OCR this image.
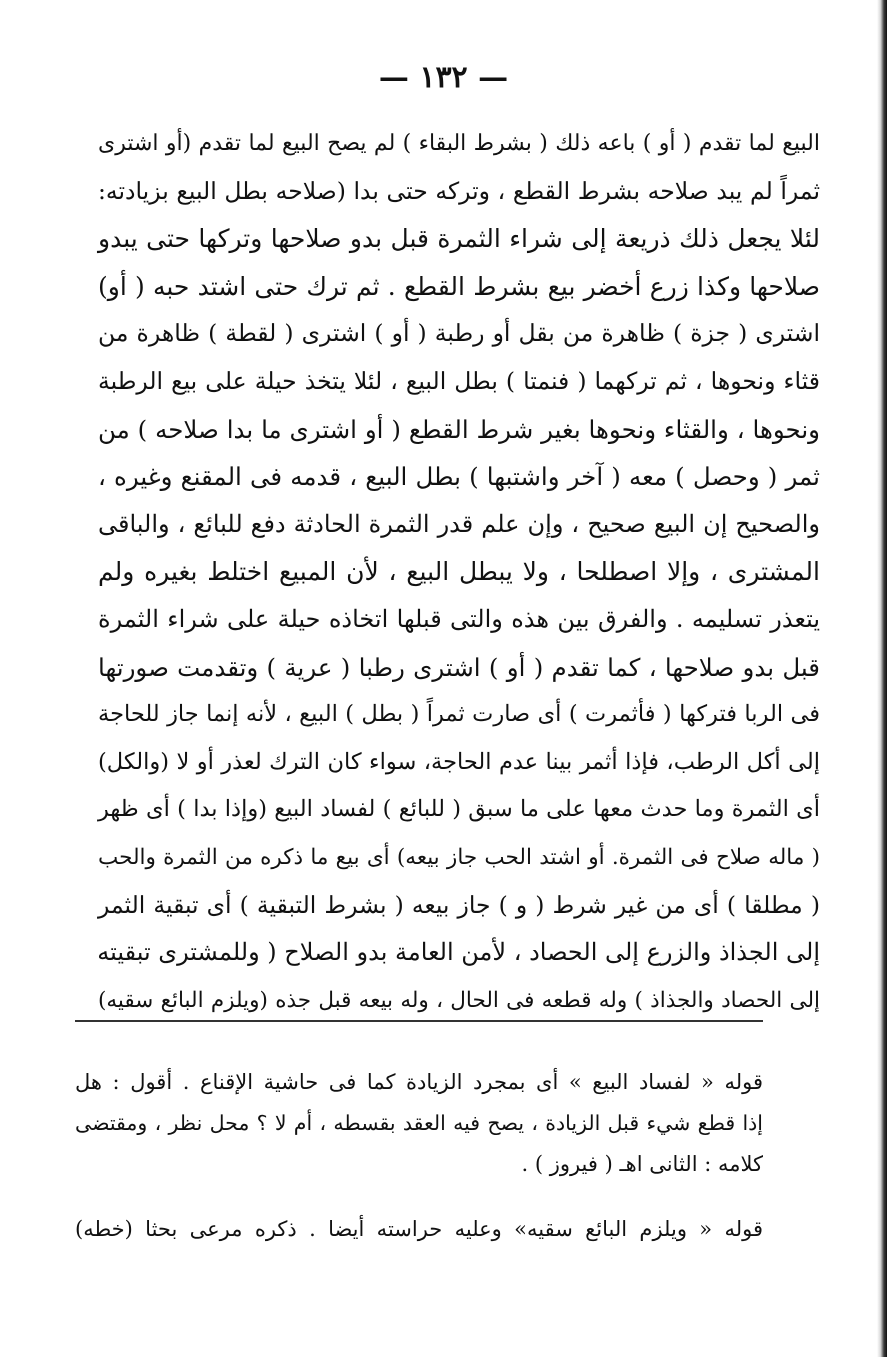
— ١٣٢ —
البيع لما تقدم ( أو ) باعه ذلك ( بشرط البقاء ) لم يصح البيع لما تقدم (أو اشترى
ثمراً لم يبد صلاحه بشرط القطع ، وتركه حتى بدا (صلاحه بطل البيع بزيادته:
لئلا يجعل ذلك ذريعة إلى شراء الثمرة قبل بدو صلاحها وتركها حتى يبدو
صلاحها وكذا زرع أخضر بيع بشرط القطع . ثم ترك حتى اشتد حبه ( أو)
اشترى ( جزة ) ظاهرة من بقل أو رطبة ( أو ) اشترى ( لقطة ) ظاهرة من
قثاء ونحوها ، ثم تركهما ( فنمتا ) بطل البيع ، لئلا يتخذ حيلة على بيع الرطبة
ونحوها ، والقثاء ونحوها بغير شرط القطع ( أو اشترى ما بدا صلاحه ) من
ثمر ( وحصل ) معه ( آخر واشتبها ) بطل البيع ، قدمه فى المقنع وغيره ،
والصحيح إن البيع صحيح ، وإن علم قدر الثمرة الحادثة دفع للبائع ، والباقى
المشترى ، وإلا اصطلحا ، ولا يبطل البيع ، لأن المبيع اختلط بغيره ولم
يتعذر تسليمه . والفرق بين هذه والتى قبلها اتخاذه حيلة على شراء الثمرة
قبل بدو صلاحها ، كما تقدم ( أو ) اشترى رطبا ( عرية ) وتقدمت صورتها
فى الربا فتركها ( فأثمرت ) أى صارت ثمراً ( بطل ) البيع ، لأنه إنما جاز للحاجة
إلى أكل الرطب، فإذا أثمر بينا عدم الحاجة، سواء كان الترك لعذر أو لا (والكل)
أى الثمرة وما حدث معها على ما سبق ( للبائع ) لفساد البيع (وإذا بدا ) أى ظهر
( ماله صلاح فى الثمرة. أو اشتد الحب جاز بيعه) أى بيع ما ذكره من الثمرة والحب
( مطلقا ) أى من غير شرط ( و ) جاز بيعه ( بشرط التبقية ) أى تبقية الثمر
إلى الجذاذ والزرع إلى الحصاد ، لأمن العامة بدو الصلاح ( وللمشترى تبقيته
إلى الحصاد والجذاذ ) وله قطعه فى الحال ، وله بيعه قبل جذه (ويلزم البائع سقيه)
قوله « لفساد البيع » أى بمجرد الزيادة كما فى حاشية الإقناع . أقول : هل
إذا قطع شيء قبل الزيادة ، يصح فيه العقد بقسطه ، أم لا ؟ محل نظر ، ومقتضى
كلامه : الثانى اهـ ( فيروز ) .
قوله « ويلزم البائع سقيه» وعليه حراسته أيضا . ذكره مرعى بحثا (خطه)
